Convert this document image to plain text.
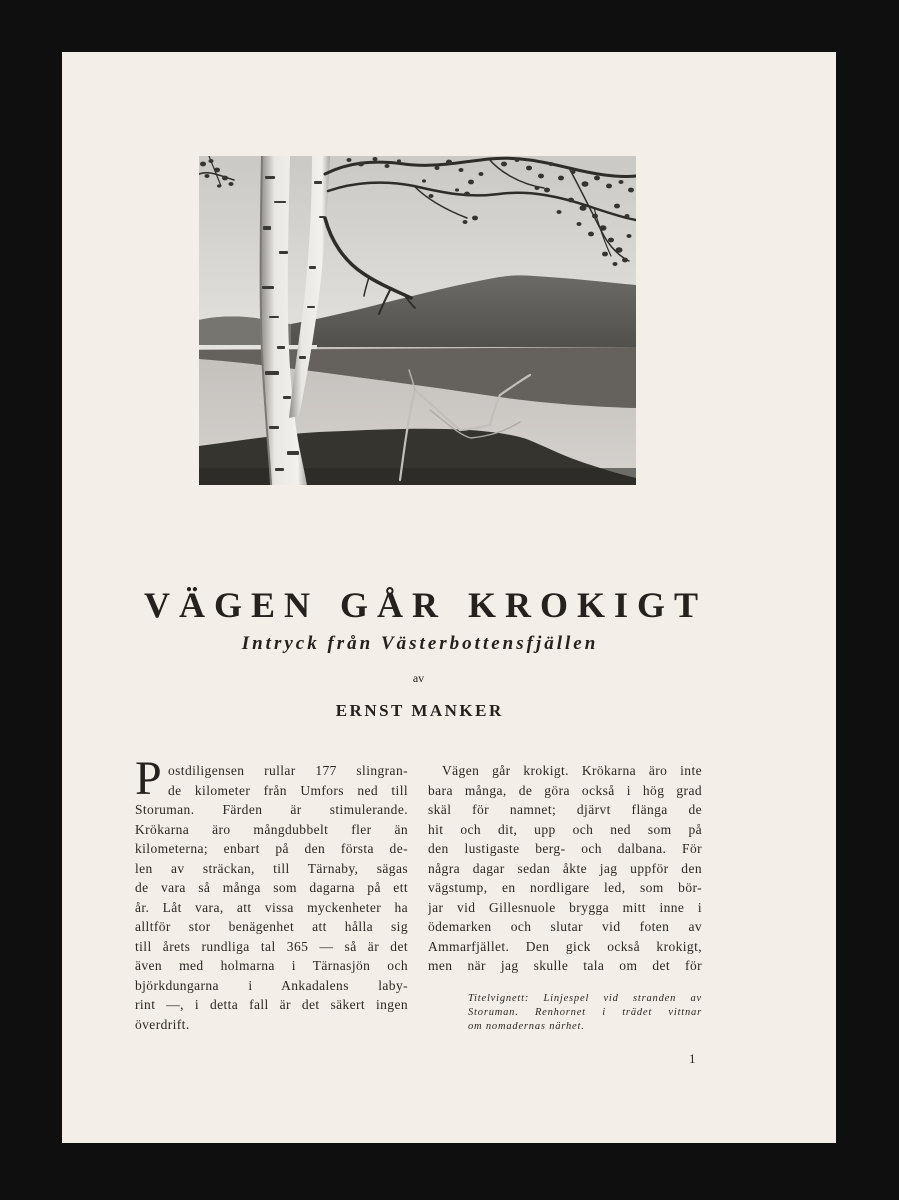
VÄGEN GÅR KROKIGT
Intryck från Västerbottensfjällen
av
ERNST MANKER
P ostdiligensen rullar 177 slingran-
de kilometer från Umfors ned till
Storuman. Färden är stimulerande.
Krökarna äro mångdubbelt fler än
kilometerna; enbart på den första de-
len av sträckan, till Tärnaby, sägas
de vara så många som dagarna på ett
år. Låt vara, att vissa myckenheter ha
alltför stor benägenhet att hålla sig
till årets rundliga tal 365 — så är det
även med holmarna i Tärnasjön och
björkdungarna i Ankadalens laby-
rint —, i detta fall är det säkert ingen
överdrift.
Vägen går krokigt. Krökarna äro inte
bara många, de göra också i hög grad
skäl för namnet; djärvt flänga de
hit och dit, upp och ned som på
den lustigaste berg- och dalbana. För
några dagar sedan åkte jag uppför den
vägstump, en nordligare led, som bör-
jar vid Gillesnuole brygga mitt inne i
ödemarken och slutar vid foten av
Ammarfjället. Den gick också krokigt,
men när jag skulle tala om det för
Titelvignett: Linjespel vid stranden av
Storuman. Renhornet i trädet vittnar
om nomadernas närhet.
1
